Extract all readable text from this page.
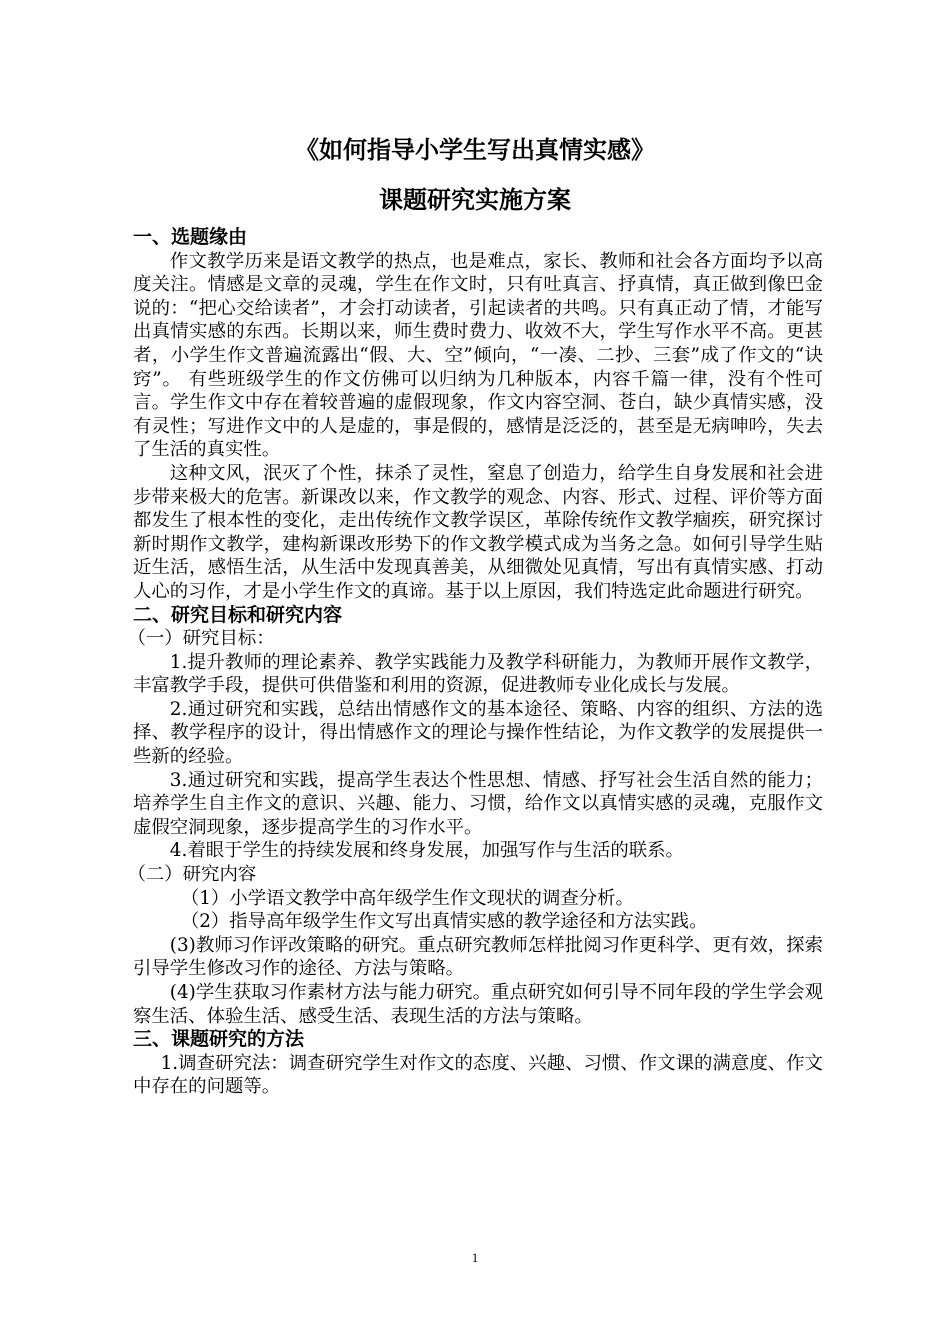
《如何指导小学生写出真情实感》
课题研究实施方案

一、选题缘由

作文教学历来是语文教学的热点，也是难点，家长、教师和社会各方面均予以高度关注。情感是文章的灵魂，学生在作文时，只有吐真言、抒真情，真正做到像巴金说的：“把心交给读者”，才会打动读者，引起读者的共鸣。只有真正动了情，才能写出真情实感的东西。长期以来，师生费时费力、收效不大，学生写作水平不高。更甚者，小学生作文普遍流露出“假、大、空”倾向，“一凑、二抄、三套”成了作文的“诀窍”。 有些班级学生的作文仿佛可以归纳为几种版本，内容千篇一律，没有个性可言。学生作文中存在着较普遍的虚假现象，作文内容空洞、苍白，缺少真情实感，没有灵性；写进作文中的人是虚的，事是假的，感情是泛泛的，甚至是无病呻吟，失去了生活的真实性。

这种文风，泯灭了个性，抹杀了灵性，窒息了创造力，给学生自身发展和社会进步带来极大的危害。新课改以来，作文教学的观念、内容、形式、过程、评价等方面都发生了根本性的变化，走出传统作文教学误区，革除传统作文教学痼疾，研究探讨新时期作文教学，建构新课改形势下的作文教学模式成为当务之急。如何引导学生贴近生活，感悟生活，从生活中发现真善美，从细微处见真情，写出有真情实感、打动人心的习作，才是小学生作文的真谛。基于以上原因，我们特选定此命题进行研究。

二、研究目标和研究内容

（一）研究目标：

1.提升教师的理论素养、教学实践能力及教学科研能力，为教师开展作文教学，丰富教学手段，提供可供借鉴和利用的资源，促进教师专业化成长与发展。

2.通过研究和实践，总结出情感作文的基本途径、策略、内容的组织、方法的选择、教学程序的设计，得出情感作文的理论与操作性结论，为作文教学的发展提供一些新的经验。

3.通过研究和实践，提高学生表达个性思想、情感、抒写社会生活自然的能力；培养学生自主作文的意识、兴趣、能力、习惯，给作文以真情实感的灵魂，克服作文虚假空洞现象，逐步提高学生的习作水平。

4.着眼于学生的持续发展和终身发展，加强写作与生活的联系。

（二）研究内容

（1）小学语文教学中高年级学生作文现状的调查分析。

（2）指导高年级学生作文写出真情实感的教学途径和方法实践。

(3)教师习作评改策略的研究。重点研究教师怎样批阅习作更科学、更有效，探索引导学生修改习作的途径、方法与策略。

(4)学生获取习作素材方法与能力研究。重点研究如何引导不同年段的学生学会观察生活、体验生活、感受生活、表现生活的方法与策略。

三、课题研究的方法

1.调查研究法：调查研究学生对作文的态度、兴趣、习惯、作文课的满意度、作文中存在的问题等。

1
